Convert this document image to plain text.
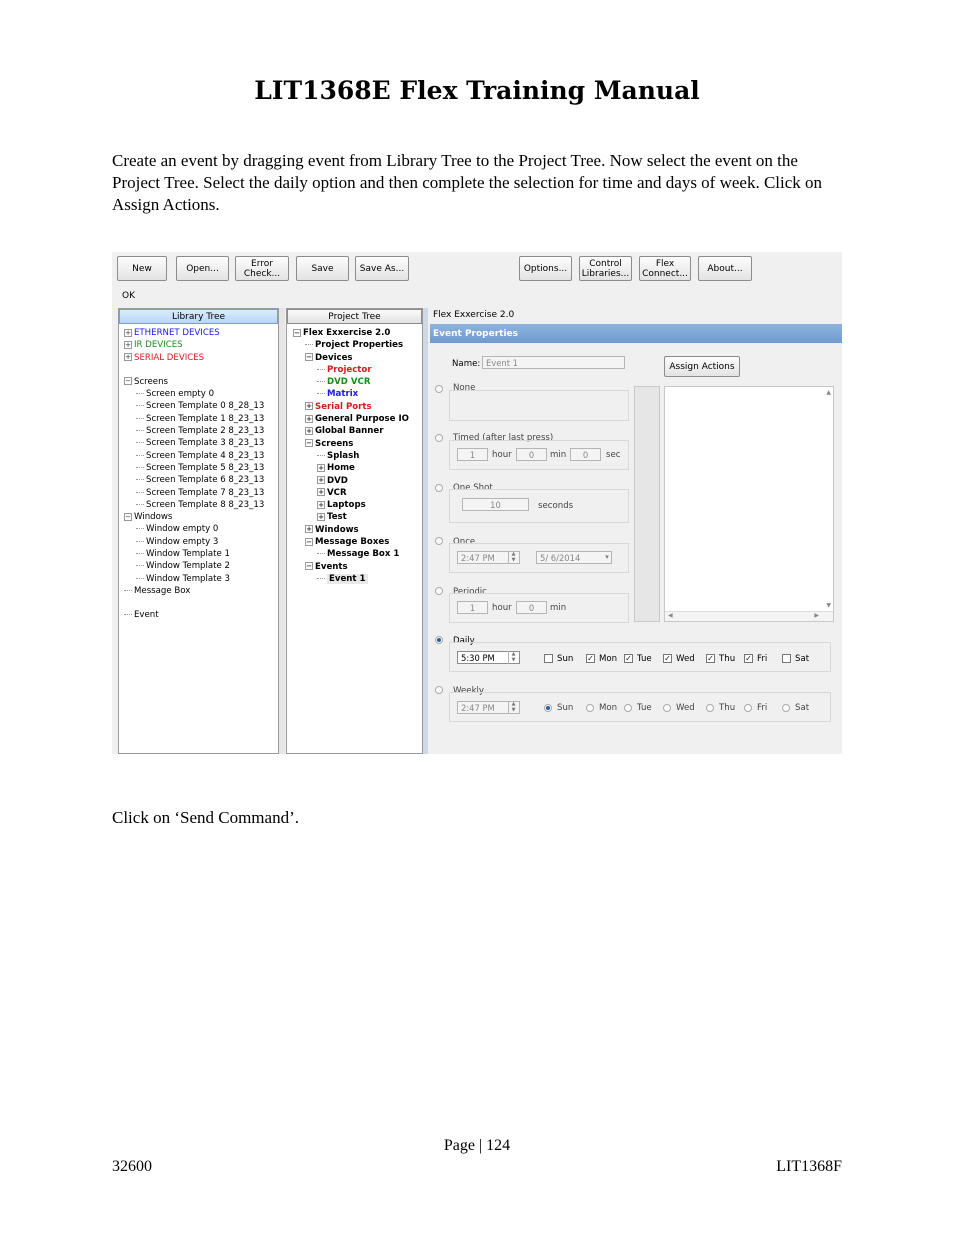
LIT1368E Flex Training Manual

Create an event by dragging event from Library Tree to the Project Tree. Now select the event on the Project Tree. Select the daily option and then complete the selection for time and days of week. Click on Assign Actions.

New	Open...	Error
Check...	Save	Save As...	Options...	Control
Libraries...
Flex
Connect...	About...
OK
Library Tree
+ ETHERNET DEVICES
+ IR DEVICES
+ SERIAL DEVICES
− Screens
Screen empty 0
Screen Template 0 8_28_13
Screen Template 1 8_23_13
Screen Template 2 8_23_13
Screen Template 3 8_23_13
Screen Template 4 8_23_13
Screen Template 5 8_23_13
Screen Template 6 8_23_13
Screen Template 7 8_23_13
Screen Template 8 8_23_13
− Windows
Window empty 0
Window empty 3
Window Template 1
Window Template 2
Window Template 3
Message Box
Event
Project Tree
− Flex Exxercise 2.0
Project Properties
− Devices
Projector
DVD VCR
Matrix
+ Serial Ports
+ General Purpose IO
+ Global Banner
− Screens
Splash
+ Home
+ DVD
+ VCR
+ Laptops
+ Test
+ Windows
− Message Boxes
Message Box 1
− Events
Event 1
Flex Exxercise 2.0
Event Properties
Name: Event 1	Assign Actions
▲
▼
◀	▶
None
Timed (after last press)
1	hour	0	min	0	sec
One Shot
10	seconds
Once
2:47 PM	▲
▼	5/ 6/2014	▾
Periodic
1	hour	0	min
Daily
5:30 PM	▲
▼	Sun ✓ Mon ✓ Tue ✓ Wed ✓ Thu ✓ Fri	Sat
Weekly
2:47 PM	▲
▼	Sun	Mon Tue	Wed	Thu	Fri	Sat

Click on ‘Send Command’.

Page | 124
32600	LIT1368F
